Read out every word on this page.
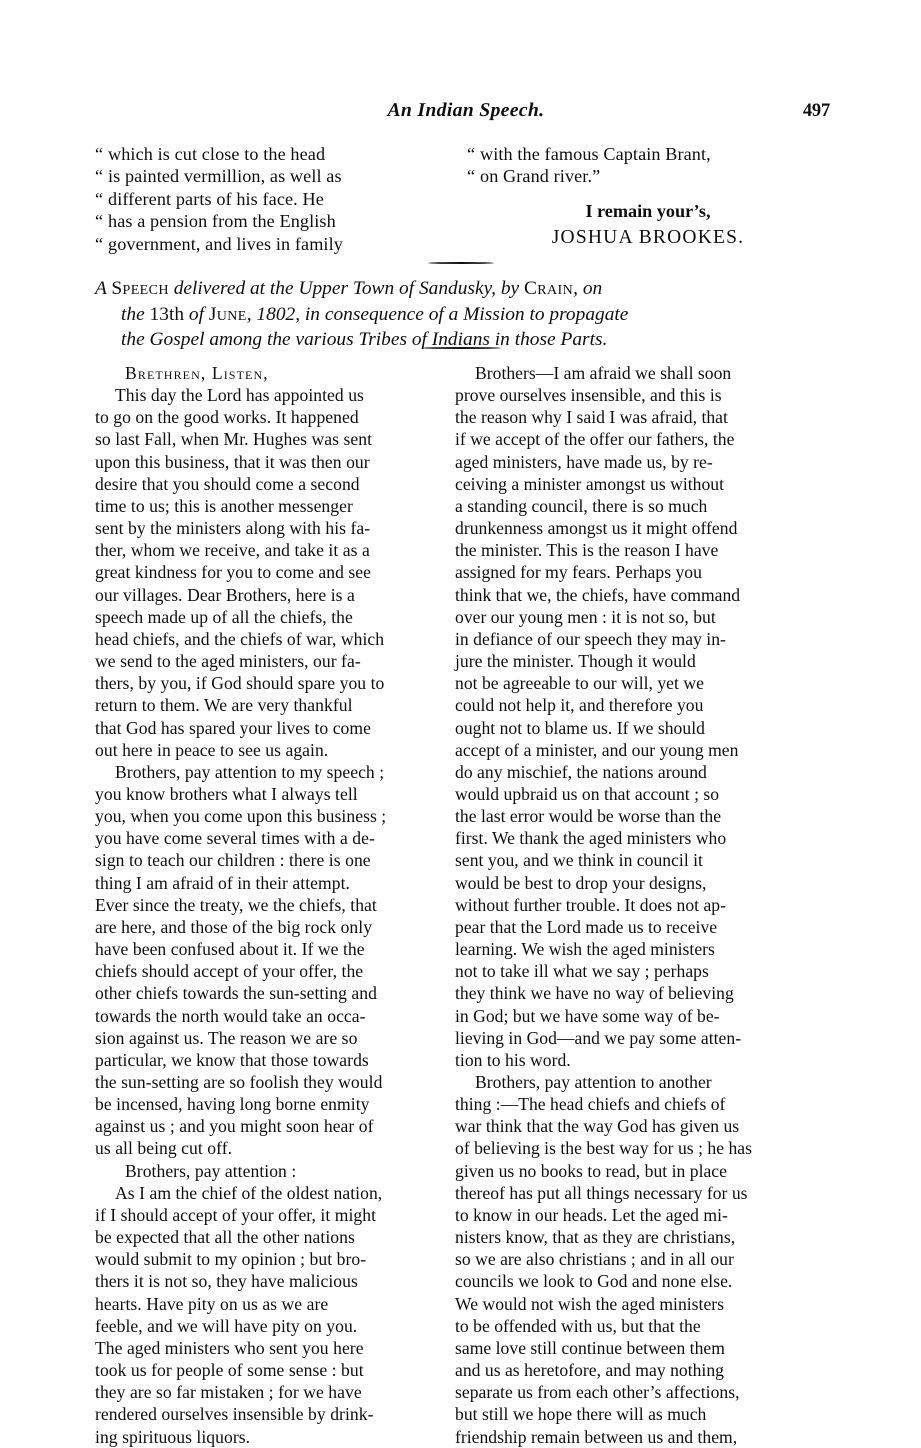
An Indian Speech.	497
“ which is cut close to the head
“ is painted vermillion, as well as
“ different parts of his face. He
“ has a pension from the English
“ government, and lives in family
“ with the famous Captain Brant,
“ on Grand river.”
I remain your’s,
JOSHUA BROOKES.
A Speech delivered at the Upper Town of Sandusky, by Crain, on
the 13th of June, 1802, in consequence of a Mission to propagate
the Gospel among the various Tribes of Indians in those Parts.
Brethren, Listen,
This day the Lord has appointed us
to go on the good works. It happened
so last Fall, when Mr. Hughes was sent
upon this business, that it was then our
desire that you should come a second
time to us; this is another messenger
sent by the ministers along with his fa-
ther, whom we receive, and take it as a
great kindness for you to come and see
our villages. Dear Brothers, here is a
speech made up of all the chiefs, the
head chiefs, and the chiefs of war, which
we send to the aged ministers, our fa-
thers, by you, if God should spare you to
return to them. We are very thankful
that God has spared your lives to come
out here in peace to see us again.
Brothers, pay attention to my speech ;
you know brothers what I always tell
you, when you come upon this business ;
you have come several times with a de-
sign to teach our children : there is one
thing I am afraid of in their attempt.
Ever since the treaty, we the chiefs, that
are here, and those of the big rock only
have been confused about it. If we the
chiefs should accept of your offer, the
other chiefs towards the sun-setting and
towards the north would take an occa-
sion against us. The reason we are so
particular, we know that those towards
the sun-setting are so foolish they would
be incensed, having long borne enmity
against us ; and you might soon hear of
us all being cut off.
Brothers, pay attention :
As I am the chief of the oldest nation,
if I should accept of your offer, it might
be expected that all the other nations
would submit to my opinion ; but bro-
thers it is not so, they have malicious
hearts. Have pity on us as we are
feeble, and we will have pity on you.
The aged ministers who sent you here
took us for people of some sense : but
they are so far mistaken ; for we have
rendered ourselves insensible by drink-
ing spirituous liquors.
Brothers—I am afraid we shall soon
prove ourselves insensible, and this is
the reason why I said I was afraid, that
if we accept of the offer our fathers, the
aged ministers, have made us, by re-
ceiving a minister amongst us without
a standing council, there is so much
drunkenness amongst us it might offend
the minister. This is the reason I have
assigned for my fears. Perhaps you
think that we, the chiefs, have command
over our young men : it is not so, but
in defiance of our speech they may in-
jure the minister. Though it would
not be agreeable to our will, yet we
could not help it, and therefore you
ought not to blame us. If we should
accept of a minister, and our young men
do any mischief, the nations around
would upbraid us on that account ; so
the last error would be worse than the
first. We thank the aged ministers who
sent you, and we think in council it
would be best to drop your designs,
without further trouble. It does not ap-
pear that the Lord made us to receive
learning. We wish the aged ministers
not to take ill what we say ; perhaps
they think we have no way of believing
in God; but we have some way of be-
lieving in God—and we pay some atten-
tion to his word.
Brothers, pay attention to another
thing :—The head chiefs and chiefs of
war think that the way God has given us
of believing is the best way for us ; he has
given us no books to read, but in place
thereof has put all things necessary for us
to know in our heads. Let the aged mi-
nisters know, that as they are christians,
so we are also christians ; and in all our
councils we look to God and none else.
We would not wish the aged ministers
to be offended with us, but that the
same love still continue between them
and us as heretofore, and may nothing
separate us from each other’s affections,
but still we hope there will as much
friendship remain between us and them,
